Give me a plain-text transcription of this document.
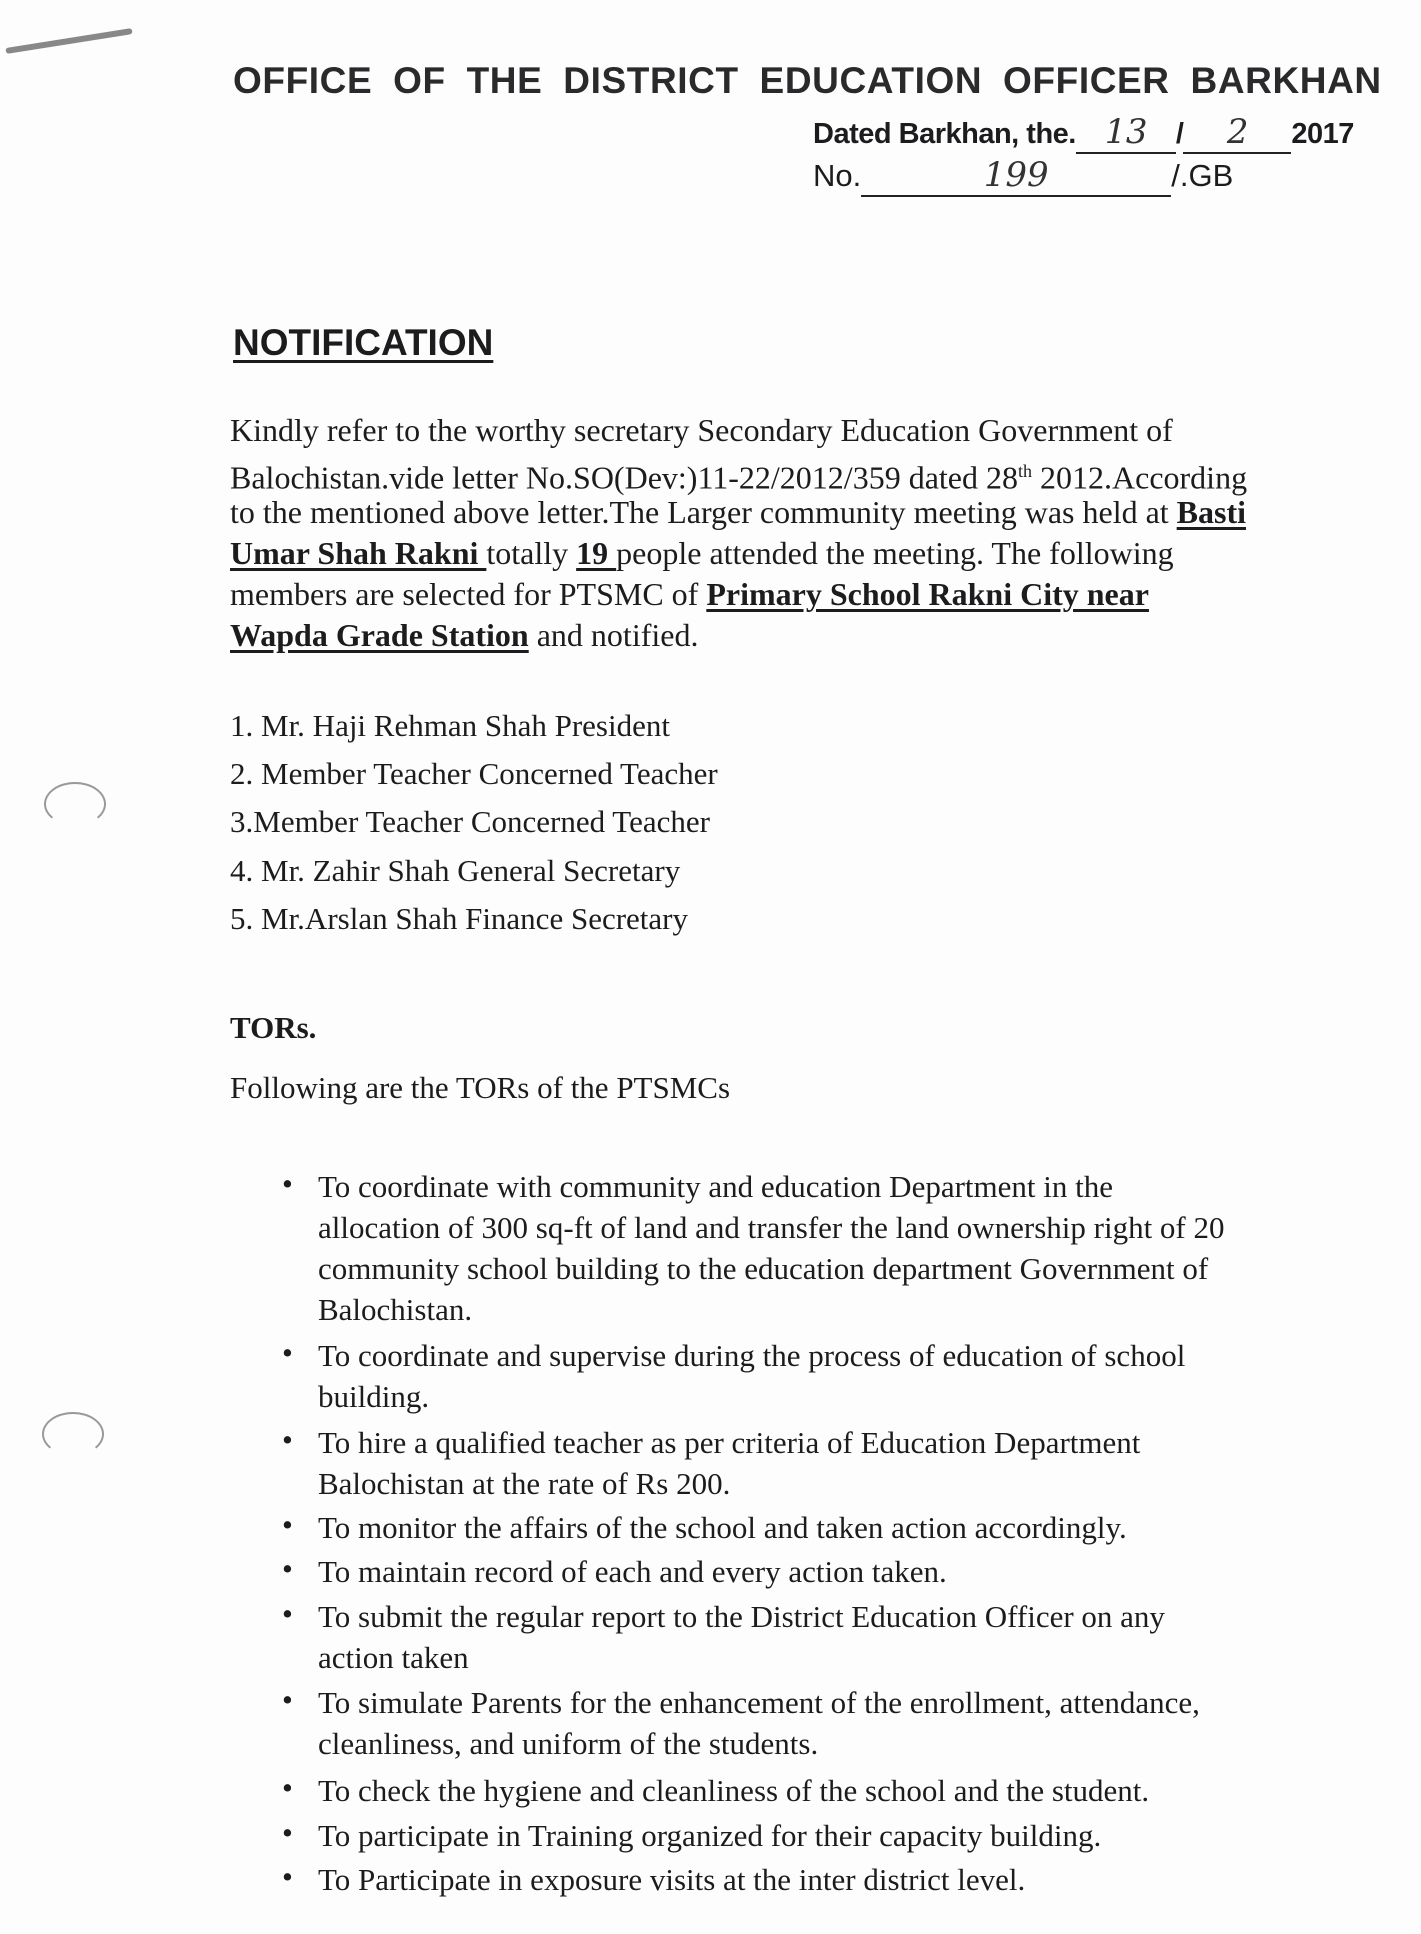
OFFICE OF THE DISTRICT EDUCATION OFFICER BARKHAN
Dated Barkhan, the. 13 / 2 2017
No.	199	/.GB
NOTIFICATION
Kindly refer to the worthy secretary Secondary Education Government of
Balochistan.vide letter No.SO(Dev:)11-22/2012/359 dated 28th 2012.According
to the mentioned above letter.The Larger community meeting was held at Basti
Umar Shah Rakni totally 19 people attended the meeting. The following
members are selected for PTSMC of Primary School Rakni City near
Wapda Grade Station and notified.
1. Mr. Haji Rehman Shah President
2. Member Teacher Concerned Teacher
3.Member Teacher Concerned Teacher
4. Mr. Zahir Shah General Secretary
5. Mr.Arslan Shah Finance Secretary
TORs.
Following are the TORs of the PTSMCs
• To coordinate with community and education Department in the
allocation of 300 sq-ft of land and transfer the land ownership right of 20
community school building to the education department Government of
Balochistan.
• To coordinate and supervise during the process of education of school
building.
• To hire a qualified teacher as per criteria of Education Department
Balochistan at the rate of Rs 200.
• To monitor the affairs of the school and taken action accordingly.
• To maintain record of each and every action taken.
• To submit the regular report to the District Education Officer on any
action taken
• To simulate Parents for the enhancement of the enrollment, attendance,
cleanliness, and uniform of the students.
• To check the hygiene and cleanliness of the school and the student.
• To participate in Training organized for their capacity building.
• To Participate in exposure visits at the inter district level.
